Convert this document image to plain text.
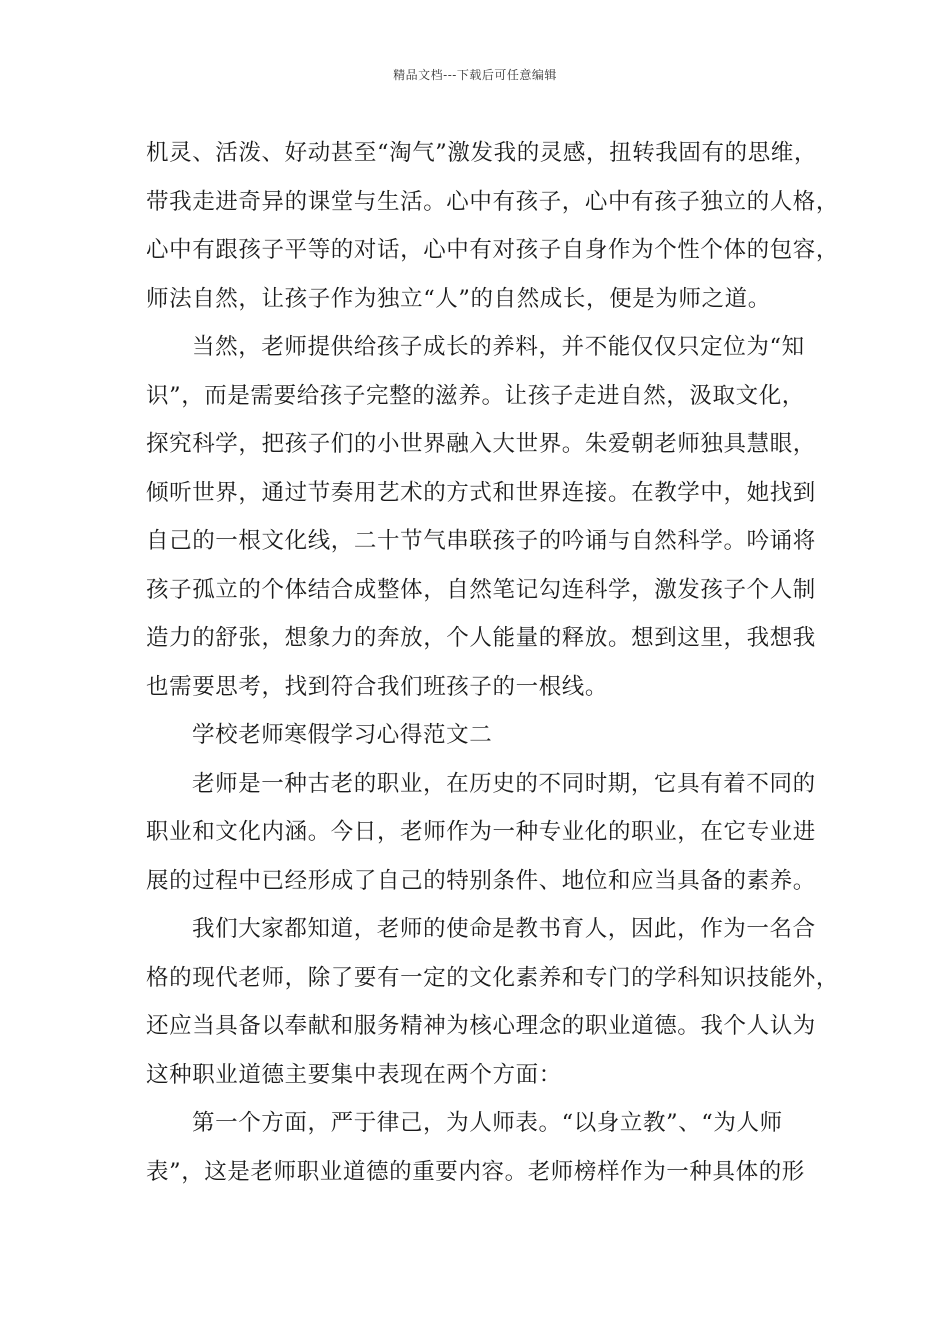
精品文档---下载后可任意编辑
机灵、活泼、好动甚至“淘气”激发我的灵感，扭转我固有的思维，
带我走进奇异的课堂与生活。心中有孩子，心中有孩子独立的人格，
心中有跟孩子平等的对话，心中有对孩子自身作为个性个体的包容，
师法自然，让孩子作为独立“人”的自然成长，便是为师之道。
当然，老师提供给孩子成长的养料，并不能仅仅只定位为“知
识”，而是需要给孩子完整的滋养。让孩子走进自然，汲取文化，
探究科学，把孩子们的小世界融入大世界。朱爱朝老师独具慧眼，
倾听世界，通过节奏用艺术的方式和世界连接。在教学中，她找到
自己的一根文化线，二十节气串联孩子的吟诵与自然科学。吟诵将
孩子孤立的个体结合成整体，自然笔记勾连科学，激发孩子个人制
造力的舒张，想象力的奔放，个人能量的释放。想到这里，我想我
也需要思考，找到符合我们班孩子的一根线。
学校老师寒假学习心得范文二
老师是一种古老的职业，在历史的不同时期，它具有着不同的
职业和文化内涵。今日，老师作为一种专业化的职业，在它专业进
展的过程中已经形成了自己的特别条件、地位和应当具备的素养。
我们大家都知道，老师的使命是教书育人，因此，作为一名合
格的现代老师，除了要有一定的文化素养和专门的学科知识技能外，
还应当具备以奉献和服务精神为核心理念的职业道德。我个人认为
这种职业道德主要集中表现在两个方面：
第一个方面，严于律己，为人师表。“以身立教”、“为人师
表”，这是老师职业道德的重要内容。老师榜样作为一种具体的形
